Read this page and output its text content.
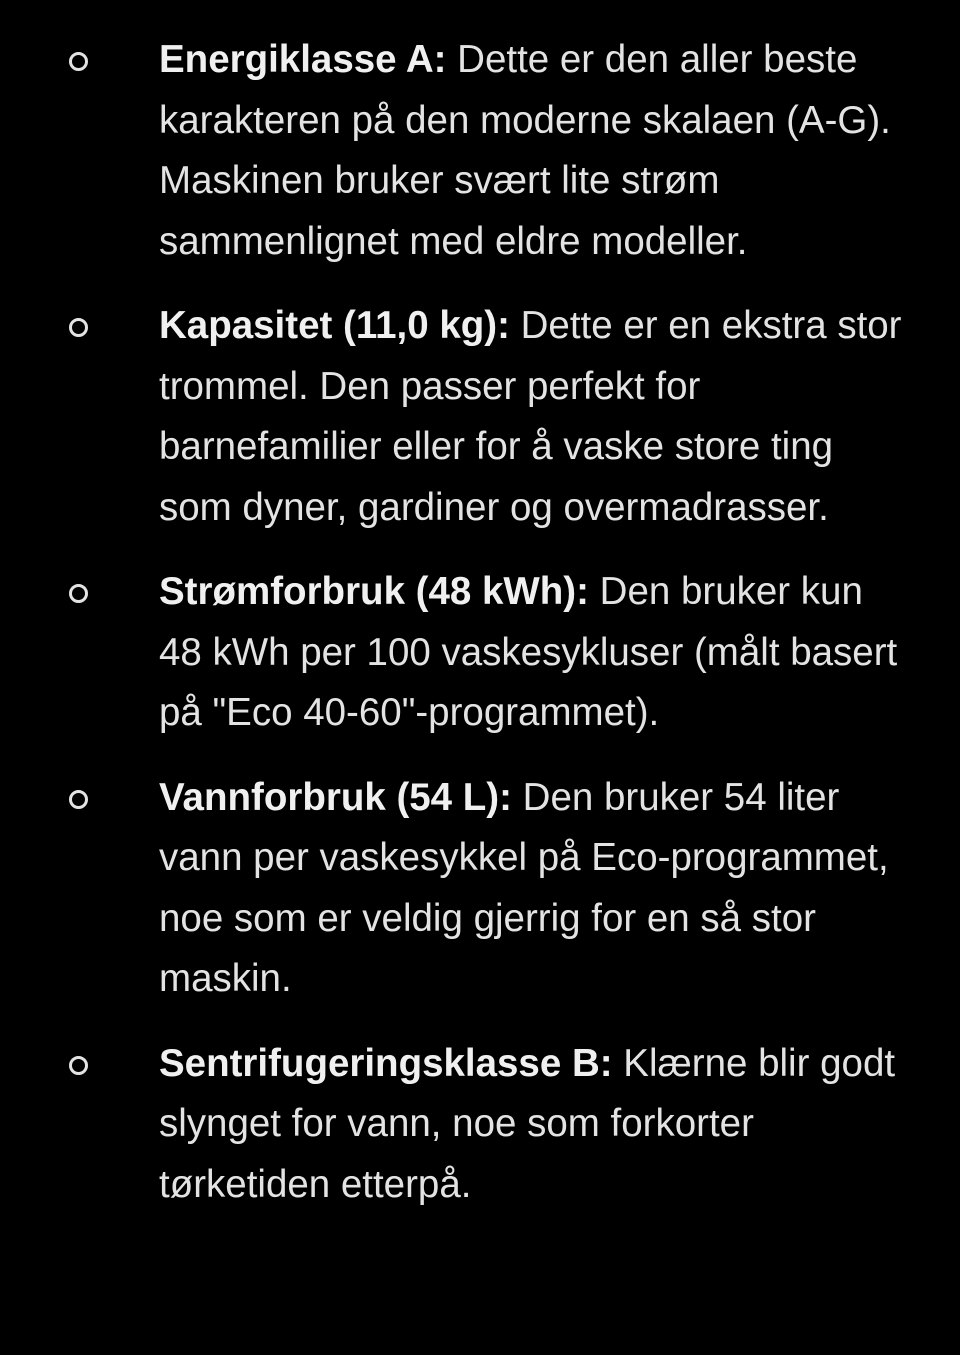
Energiklasse A: Dette er den aller beste karakteren på den moderne skalaen (A-G). Maskinen bruker svært lite strøm sammenlignet med eldre modeller.
Kapasitet (11,0 kg): Dette er en ekstra stor trommel. Den passer perfekt for barnefamilier eller for å vaske store ting som dyner, gardiner og overmadrasser.
Strømforbruk (48 kWh): Den bruker kun 48 kWh per 100 vaskesykluser (målt basert på "Eco 40-60"-programmet).
Vannforbruk (54 L): Den bruker 54 liter vann per vaskesykkel på Eco-programmet, noe som er veldig gjerrig for en så stor maskin.
Sentrifugeringsklasse B: Klærne blir godt slynget for vann, noe som forkorter tørketiden etterpå.
